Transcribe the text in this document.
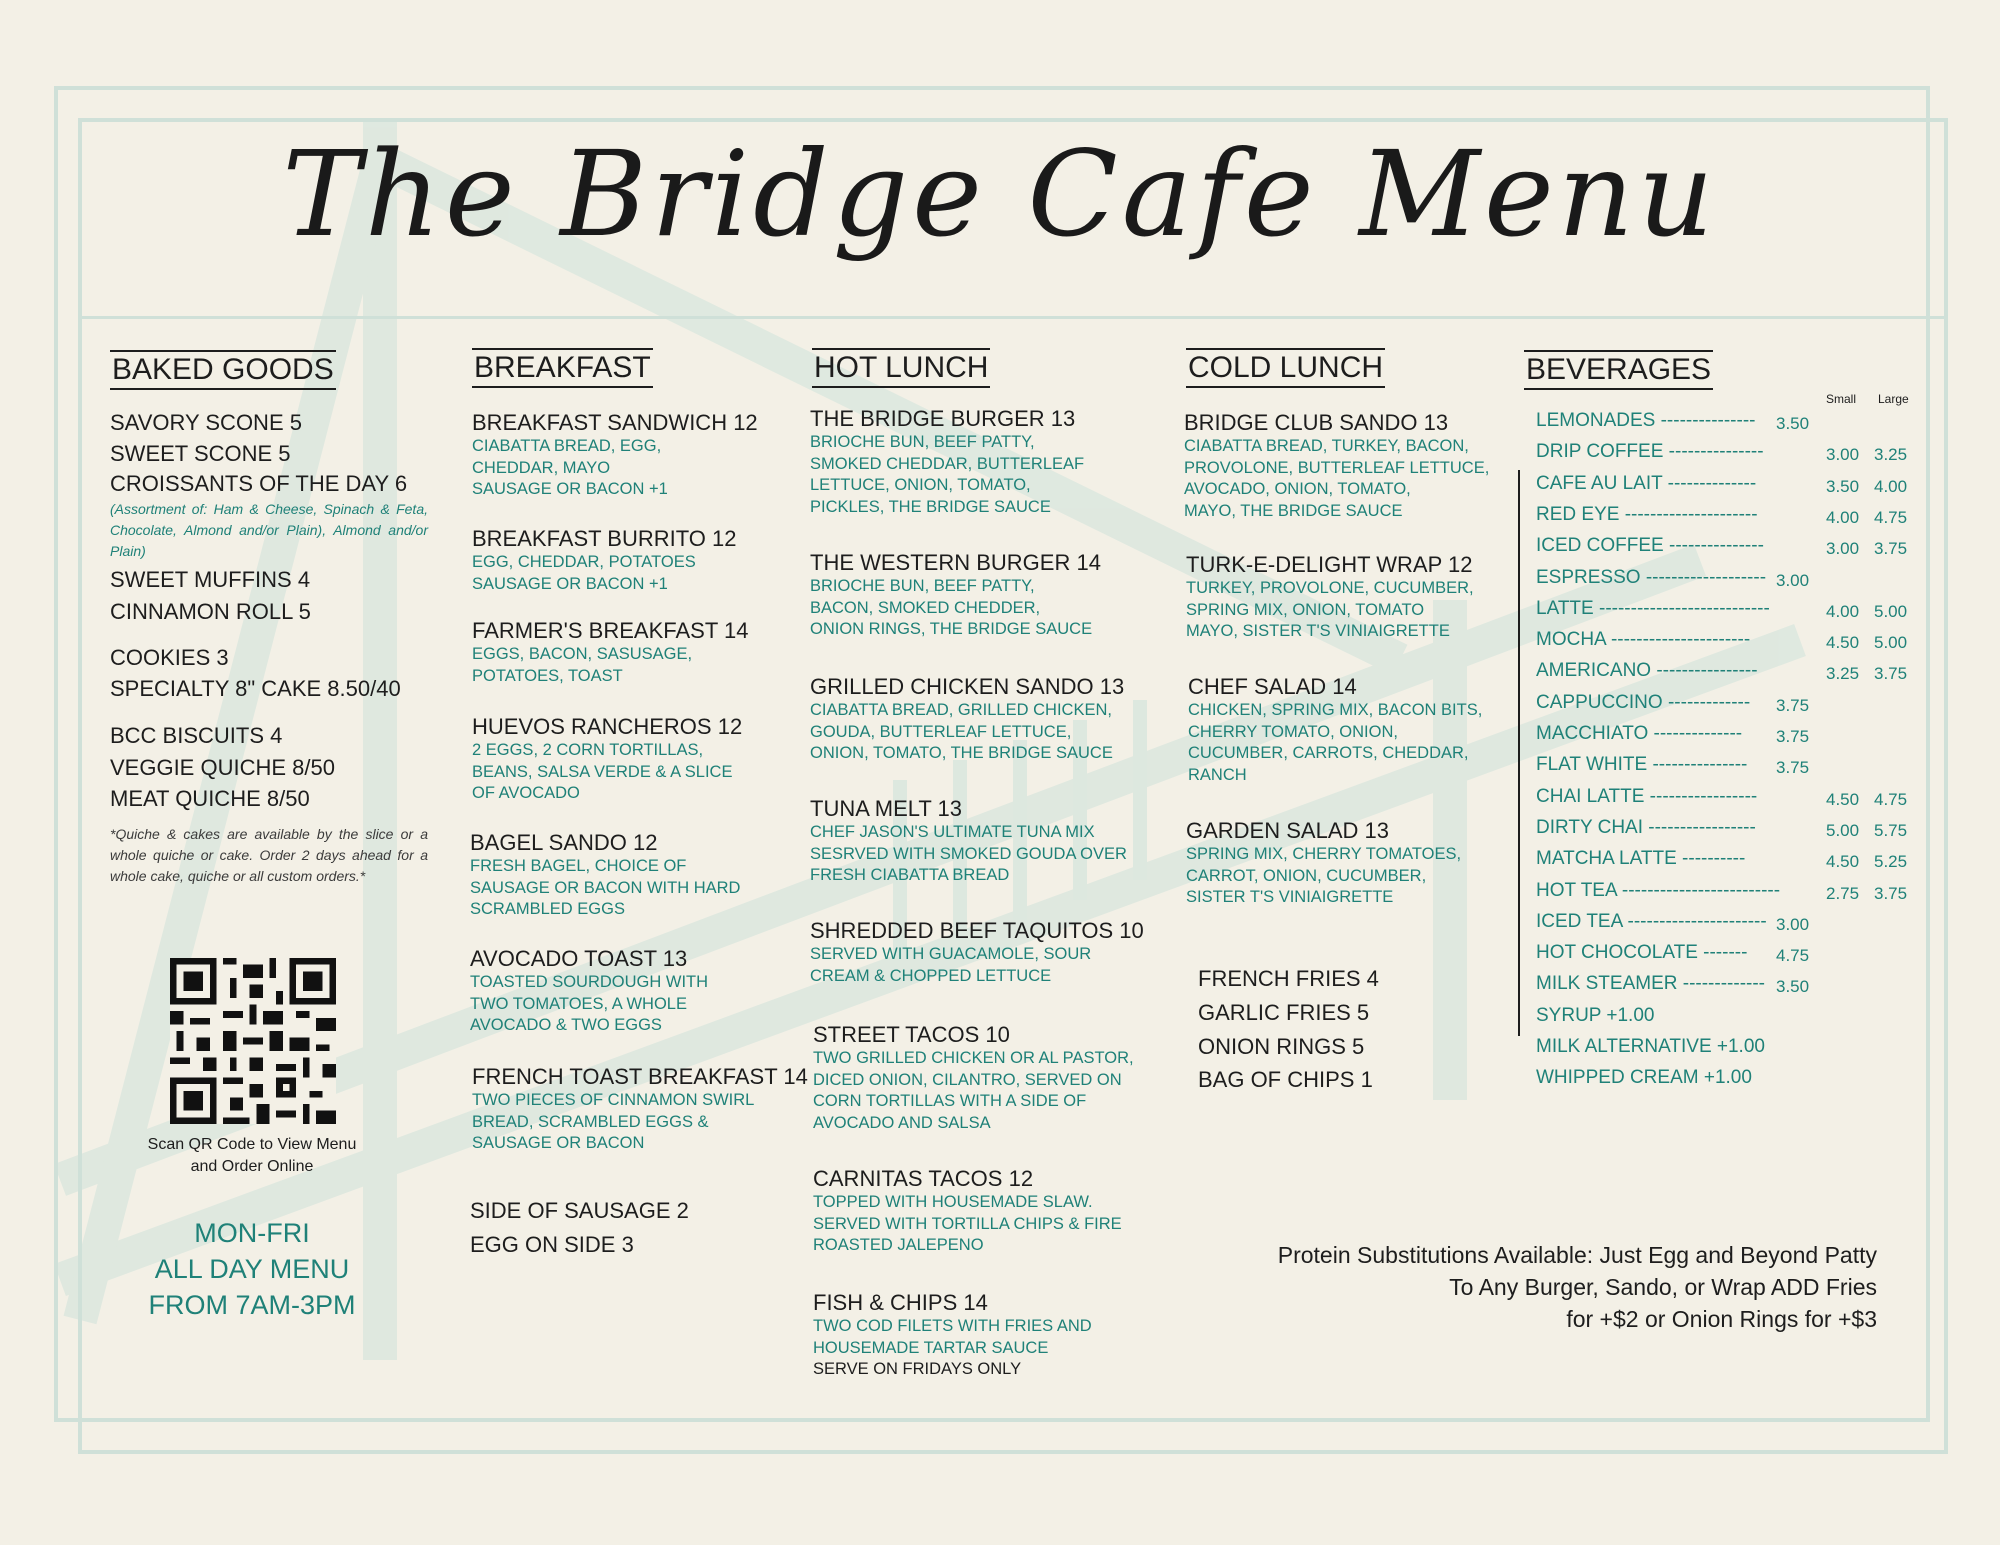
The Bridge Cafe Menu
BAKED GOODS
SAVORY SCONE 5
SWEET SCONE 5
CROISSANTS OF THE DAY 6
(Assortment of: Ham & Cheese, Spinach & Feta, Chocolate, Almond and/or Plain), Almond and/or Plain)
SWEET MUFFINS 4
CINNAMON ROLL 5
COOKIES 3
SPECIALTY 8" CAKE 8.50/40
BCC BISCUITS 4
VEGGIE QUICHE 8/50
MEAT QUICHE 8/50
*Quiche & cakes are available by the slice or a whole quiche or cake. Order 2 days ahead for a whole cake, quiche or all custom orders.*
Scan QR Code to View Menu
and Order Online
MON-FRI
ALL DAY MENU
FROM 7AM-3PM
BREAKFAST
BREAKFAST SANDWICH 12
CIABATTA BREAD, EGG,
CHEDDAR, MAYO
SAUSAGE OR BACON +1
BREAKFAST BURRITO 12
EGG, CHEDDAR, POTATOES
SAUSAGE OR BACON +1
FARMER'S BREAKFAST 14
EGGS, BACON, SASUSAGE,
POTATOES, TOAST
HUEVOS RANCHEROS 12
2 EGGS, 2 CORN TORTILLAS,
BEANS, SALSA VERDE & A SLICE
OF AVOCADO
BAGEL SANDO 12
FRESH BAGEL, CHOICE OF
SAUSAGE OR BACON WITH HARD
SCRAMBLED EGGS
AVOCADO TOAST 13
TOASTED SOURDOUGH WITH
TWO TOMATOES, A WHOLE
AVOCADO & TWO EGGS
FRENCH TOAST BREAKFAST 14
TWO PIECES OF CINNAMON SWIRL
BREAD, SCRAMBLED EGGS &
SAUSAGE OR BACON
SIDE OF SAUSAGE 2
EGG ON SIDE 3
HOT LUNCH
THE BRIDGE BURGER 13
BRIOCHE BUN, BEEF PATTY,
SMOKED CHEDDAR, BUTTERLEAF
LETTUCE, ONION, TOMATO,
PICKLES, THE BRIDGE SAUCE
THE WESTERN BURGER 14
BRIOCHE BUN, BEEF PATTY,
BACON, SMOKED CHEDDER,
ONION RINGS, THE BRIDGE SAUCE
GRILLED CHICKEN SANDO 13
CIABATTA BREAD, GRILLED CHICKEN,
GOUDA, BUTTERLEAF LETTUCE,
ONION, TOMATO, THE BRIDGE SAUCE
TUNA MELT 13
CHEF JASON'S ULTIMATE TUNA MIX
SESRVED WITH SMOKED GOUDA OVER
FRESH CIABATTA BREAD
SHREDDED BEEF TAQUITOS 10
SERVED WITH GUACAMOLE, SOUR
CREAM & CHOPPED LETTUCE
STREET TACOS 10
TWO GRILLED CHICKEN OR AL PASTOR,
DICED ONION, CILANTRO, SERVED ON
CORN TORTILLAS WITH A SIDE OF
AVOCADO AND SALSA
CARNITAS TACOS 12
TOPPED WITH HOUSEMADE SLAW.
SERVED WITH TORTILLA CHIPS & FIRE
ROASTED JALEPENO
FISH & CHIPS 14
TWO COD FILETS WITH FRIES AND
HOUSEMADE TARTAR SAUCE
SERVE ON FRIDAYS ONLY
COLD LUNCH
BRIDGE CLUB SANDO 13
CIABATTA BREAD, TURKEY, BACON,
PROVOLONE, BUTTERLEAF LETTUCE,
AVOCADO, ONION, TOMATO,
MAYO, THE BRIDGE SAUCE
TURK-E-DELIGHT WRAP 12
TURKEY, PROVOLONE, CUCUMBER,
SPRING MIX, ONION, TOMATO
MAYO, SISTER T'S VINIAIGRETTE
CHEF SALAD 14
CHICKEN, SPRING MIX, BACON BITS,
CHERRY TOMATO, ONION,
CUCUMBER, CARROTS, CHEDDAR,
RANCH
GARDEN SALAD 13
SPRING MIX, CHERRY TOMATOES,
CARROT, ONION, CUCUMBER,
SISTER T'S VINIAIGRETTE
FRENCH FRIES 4
GARLIC FRIES 5
ONION RINGS 5
BAG OF CHIPS 1
BEVERAGES
Small Large
LEMONADES --------------- 3.50
DRIP COFFEE ---------------	3.00 3.25
CAFE AU LAIT --------------	3.50 4.00
RED EYE ---------------------	4.00 4.75
ICED COFFEE ---------------	3.00 3.75
ESPRESSO ------------------- 3.00
LATTE ---------------------------	4.00 5.00
MOCHA ----------------------	4.50 5.00
AMERICANO ----------------	3.25 3.75
CAPPUCCINO ------------- 3.75
MACCHIATO -------------- 3.75
FLAT WHITE --------------- 3.75
CHAI LATTE -----------------	4.50 4.75
DIRTY CHAI -----------------	5.00 5.75
MATCHA LATTE ----------	4.50 5.25
HOT TEA -------------------------	2.75 3.75
ICED TEA ---------------------- 3.00
HOT CHOCOLATE ------- 4.75
MILK STEAMER ------------- 3.50
SYRUP +1.00
MILK ALTERNATIVE +1.00
WHIPPED CREAM +1.00
Protein Substitutions Available: Just Egg and Beyond Patty
To Any Burger, Sando, or Wrap ADD Fries
for +$2 or Onion Rings for +$3
